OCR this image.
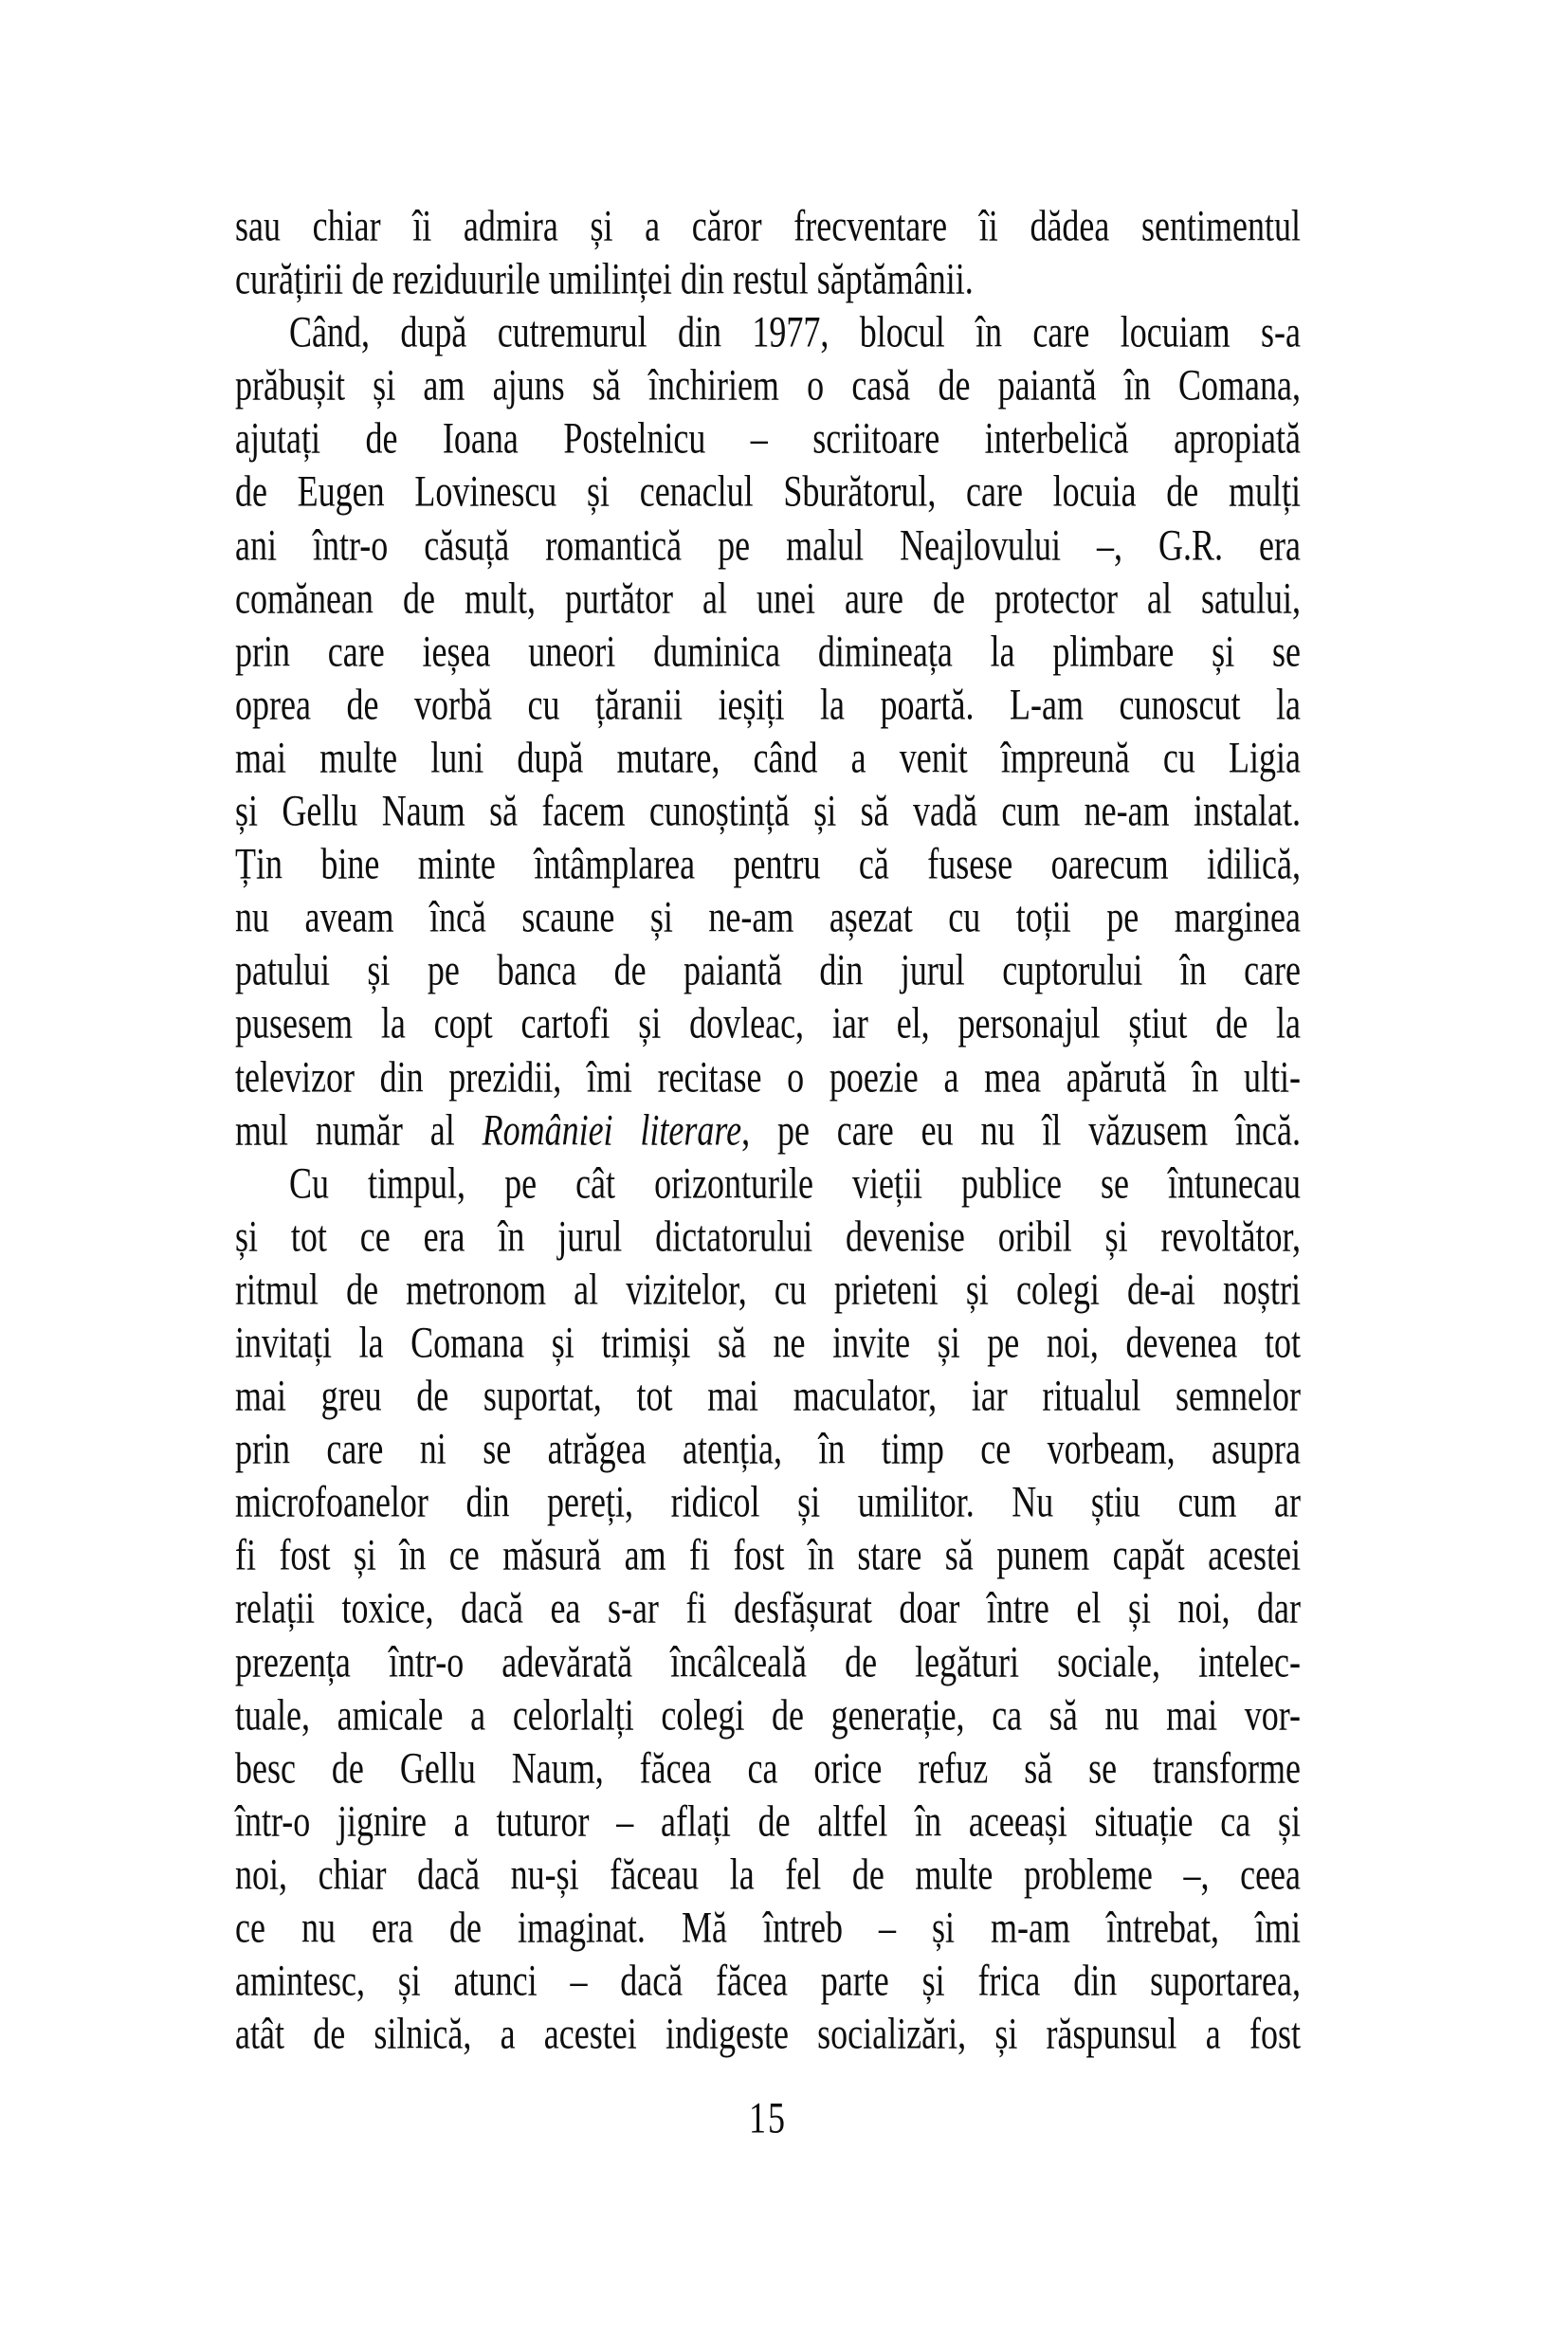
sau chiar îi admira și a căror frecventare îi dădea sentimentul
curățirii de reziduurile umilinței din restul săptămânii.
Când, după cutremurul din 1977, blocul în care locuiam s-a
prăbușit și am ajuns să închiriem o casă de paiantă în Comana,
ajutați de Ioana Postelnicu – scriitoare interbelică apropiată
de Eugen Lovinescu și cenaclul Sburătorul, care locuia de mulți
ani într-o căsuță romantică pe malul Neajlovului –, G.R. era
comănean de mult, purtător al unei aure de protector al satului,
prin care ieșea uneori duminica dimineața la plimbare și se
oprea de vorbă cu țăranii ieșiți la poartă. L-am cunoscut la
mai multe luni după mutare, când a venit împreună cu Ligia
și Gellu Naum să facem cunoștință și să vadă cum ne-am instalat.
Țin bine minte întâmplarea pentru că fusese oarecum idilică,
nu aveam încă scaune și ne-am așezat cu toții pe marginea
patului și pe banca de paiantă din jurul cuptorului în care
pusesem la copt cartofi și dovleac, iar el, personajul știut de la
televizor din prezidii, îmi recitase o poezie a mea apărută în ulti-
mul număr al României literare, pe care eu nu îl văzusem încă.
Cu timpul, pe cât orizonturile vieții publice se întunecau
și tot ce era în jurul dictatorului devenise oribil și revoltător,
ritmul de metronom al vizitelor, cu prieteni și colegi de-ai noștri
invitați la Comana și trimiși să ne invite și pe noi, devenea tot
mai greu de suportat, tot mai maculator, iar ritualul semnelor
prin care ni se atrăgea atenția, în timp ce vorbeam, asupra
microfoanelor din pereți, ridicol și umilitor. Nu știu cum ar
fi fost și în ce măsură am fi fost în stare să punem capăt acestei
relații toxice, dacă ea s-ar fi desfășurat doar între el și noi, dar
prezența într-o adevărată încâlceală de legături sociale, intelec-
tuale, amicale a celorlalți colegi de generație, ca să nu mai vor-
besc de Gellu Naum, făcea ca orice refuz să se transforme
într-o jignire a tuturor – aflați de altfel în aceeași situație ca și
noi, chiar dacă nu-și făceau la fel de multe probleme –, ceea
ce nu era de imaginat. Mă întreb – și m-am întrebat, îmi
amintesc, și atunci – dacă făcea parte și frica din suportarea,
atât de silnică, a acestei indigeste socializări, și răspunsul a fost
15
